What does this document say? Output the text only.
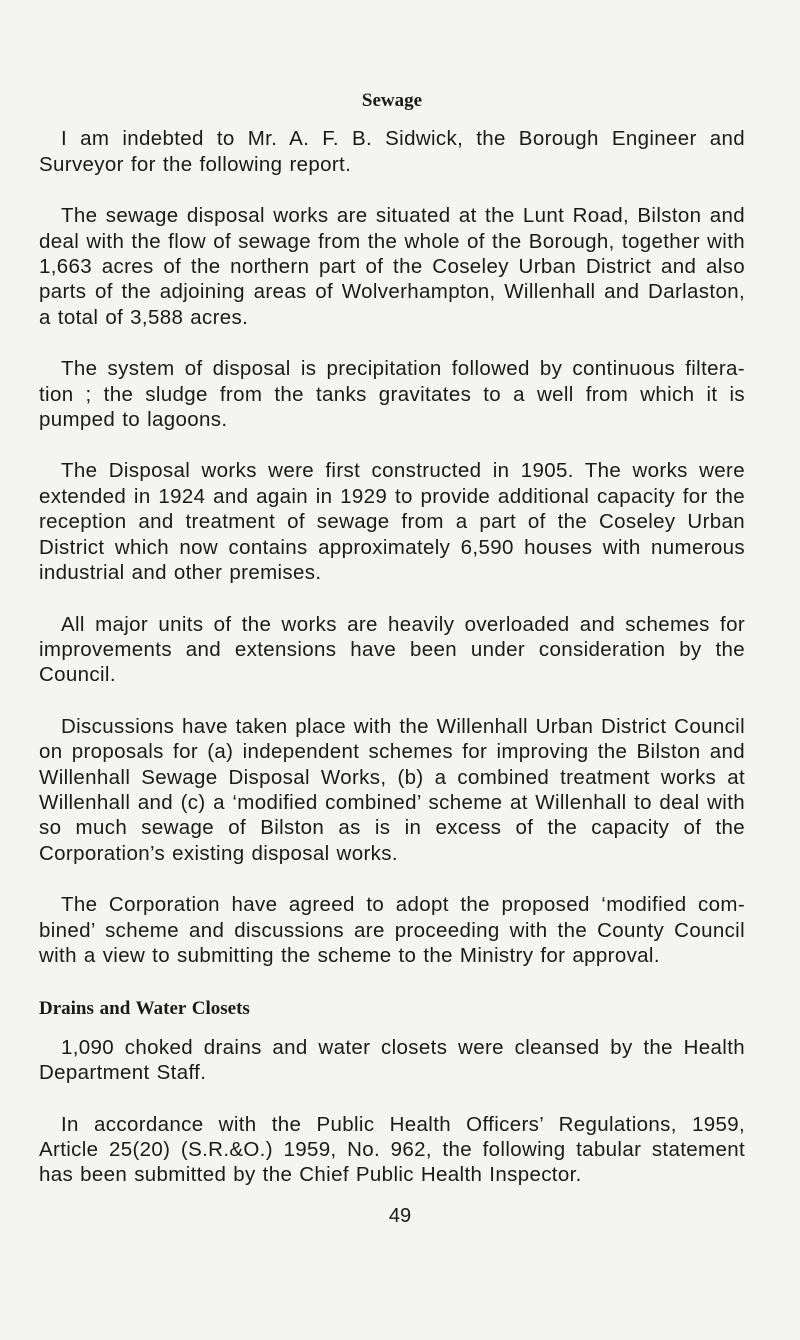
Sewage

I am indebted to Mr. A. F. B. Sidwick, the Borough Engineer and Surveyor for the following report.

The sewage disposal works are situated at the Lunt Road, Bilston and deal with the flow of sewage from the whole of the Borough, together with 1,663 acres of the northern part of the Coseley Urban District and also parts of the adjoining areas of Wolverhampton, Willenhall and Darlaston, a total of 3,588 acres.

The system of disposal is precipitation followed by continuous filtera-tion ; the sludge from the tanks gravitates to a well from which it is pumped to lagoons.

The Disposal works were first constructed in 1905. The works were extended in 1924 and again in 1929 to provide additional capacity for the reception and treatment of sewage from a part of the Coseley Urban District which now contains approximately 6,590 houses with numerous industrial and other premises.

All major units of the works are heavily overloaded and schemes for improvements and extensions have been under consideration by the Council.

Discussions have taken place with the Willenhall Urban District Council on proposals for (a) independent schemes for improving the Bilston and Willenhall Sewage Disposal Works, (b) a combined treatment works at Willenhall and (c) a ‘modified combined’ scheme at Willenhall to deal with so much sewage of Bilston as is in excess of the capacity of the Corporation’s existing disposal works.

The Corporation have agreed to adopt the proposed ‘modified com-bined’ scheme and discussions are proceeding with the County Council with a view to submitting the scheme to the Ministry for approval.

Drains and Water Closets

1,090 choked drains and water closets were cleansed by the Health Department Staff.

In accordance with the Public Health Officers’ Regulations, 1959, Article 25(20) (S.R.&O.) 1959, No. 962, the following tabular statement has been submitted by the Chief Public Health Inspector.

49
